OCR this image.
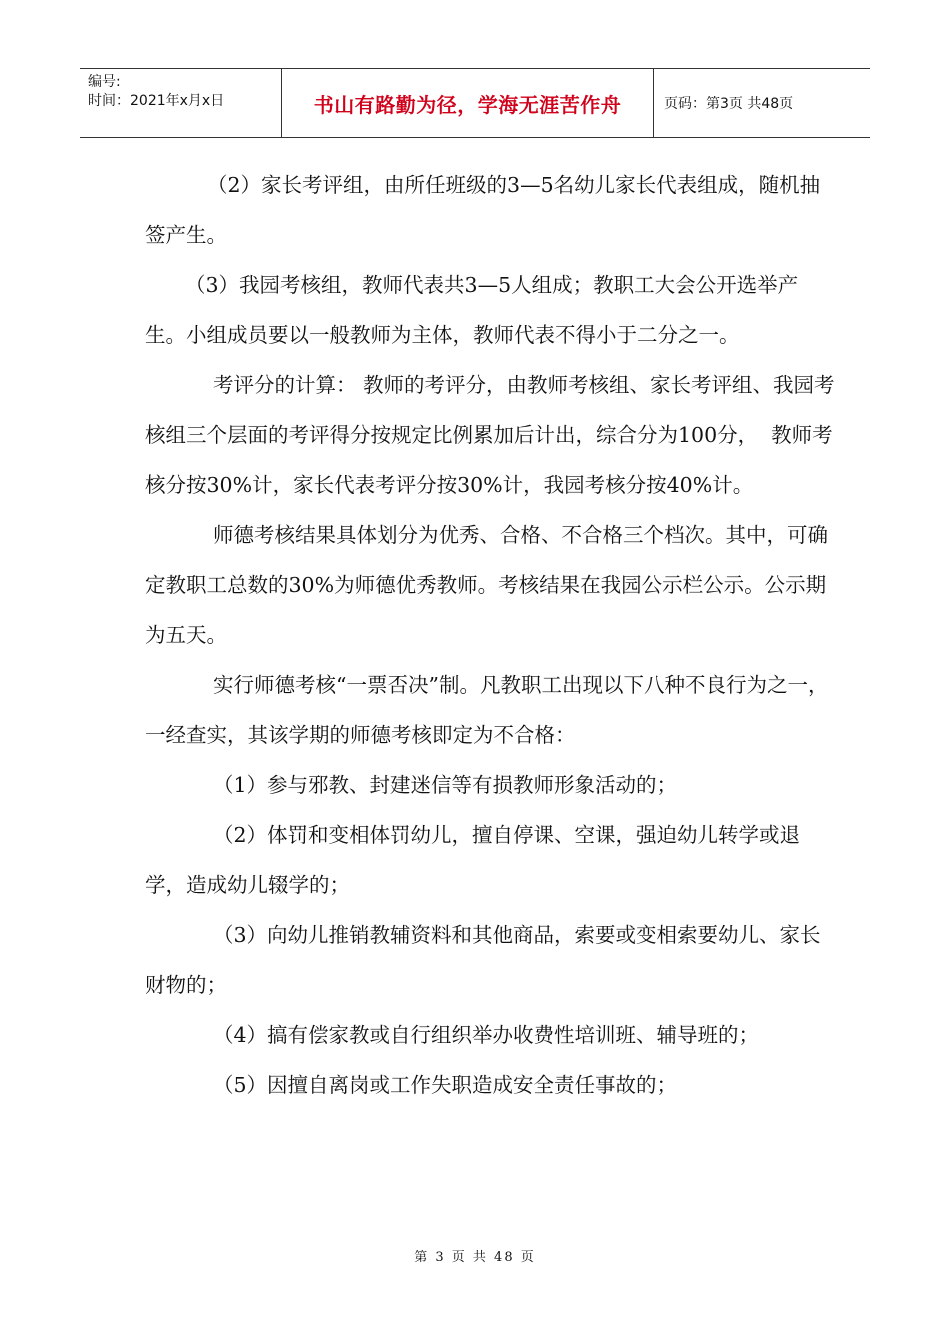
编号:
时间：2021年x月x日	书山有路勤为径，学海无涯苦作舟	页码：第3页 共48页

（2）家长考评组，由所任班级的3—5名幼儿家长代表组成，随机抽签产生。

（3）我园考核组，教师代表共3—5人组成；教职工大会公开选举产生。小组成员要以一般教师为主体，教师代表不得小于二分之一。

考评分的计算： 教师的考评分，由教师考核组、家长考评组、我园考核组三个层面的考评得分按规定比例累加后计出，综合分为100分，  教师考核分按30%计，家长代表考评分按30%计，我园考核分按40%计。

师德考核结果具体划分为优秀、合格、不合格三个档次。其中，可确定教职工总数的30%为师德优秀教师。考核结果在我园公示栏公示。公示期为五天。

实行师德考核“一票否决”制。凡教职工出现以下八种不良行为之一，一经查实，其该学期的师德考核即定为不合格：

（1）参与邪教、封建迷信等有损教师形象活动的；

（2）体罚和变相体罚幼儿，擅自停课、空课，强迫幼儿转学或退学，造成幼儿辍学的；

（3）向幼儿推销教辅资料和其他商品，索要或变相索要幼儿、家长财物的；

（4）搞有偿家教或自行组织举办收费性培训班、辅导班的；

（5）因擅自离岗或工作失职造成安全责任事故的；

第 3 页 共 48 页
